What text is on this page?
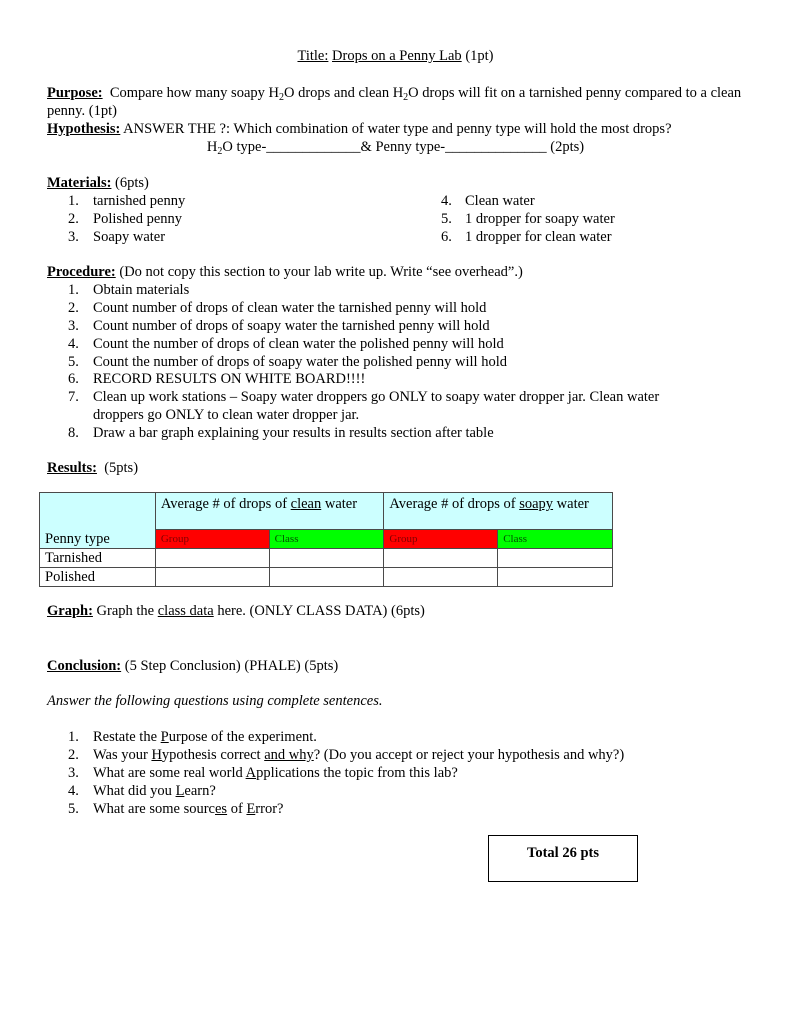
Title: Drops on a Penny Lab (1pt)
Purpose: Compare how many soapy $H_2O$ drops and clean $H_2O$ drops will fit on a tarnished penny compared to a clean penny. (1pt)
Hypothesis: ANSWER THE ?: Which combination of water type and penny type will hold the most drops?
$H_2O$ type-_____________& Penny type-______________ (2pts)
Materials: (6pts)
1. tarnished penny
2. Polished penny
3. Soapy water
4. Clean water
5. 1 dropper for soapy water
6. 1 dropper for clean water
Procedure: (Do not copy this section to your lab write up. Write “see overhead”.)
1. Obtain materials
2. Count number of drops of clean water the tarnished penny will hold
3. Count number of drops of soapy water the tarnished penny will hold
4. Count the number of drops of clean water the polished penny will hold
5. Count the number of drops of soapy water the polished penny will hold
6. RECORD RESULTS ON WHITE BOARD!!!!
7. Clean up work stations – Soapy water droppers go ONLY to soapy water dropper jar. Clean water
droppers go ONLY to clean water dropper jar.
8. Draw a bar graph explaining your results in results section after table
Results: (5pts)
	Average # of drops of clean water		Average # of drops of soapy water	
Penny type	Group	Class	Group	Class
Tarnished				
Polished				
Graph: Graph the class data here. (ONLY CLASS DATA) (6pts)
Conclusion: (5 Step Conclusion) (PHALE) (5pts)
Answer the following questions using complete sentences.
1. Restate the Purpose of the experiment.
2. Was your Hypothesis correct and why? (Do you accept or reject your hypothesis and why?)
3. What are some real world Applications the topic from this lab?
4. What did you Learn?
5. What are some sources of Error?
Total 26 pts
